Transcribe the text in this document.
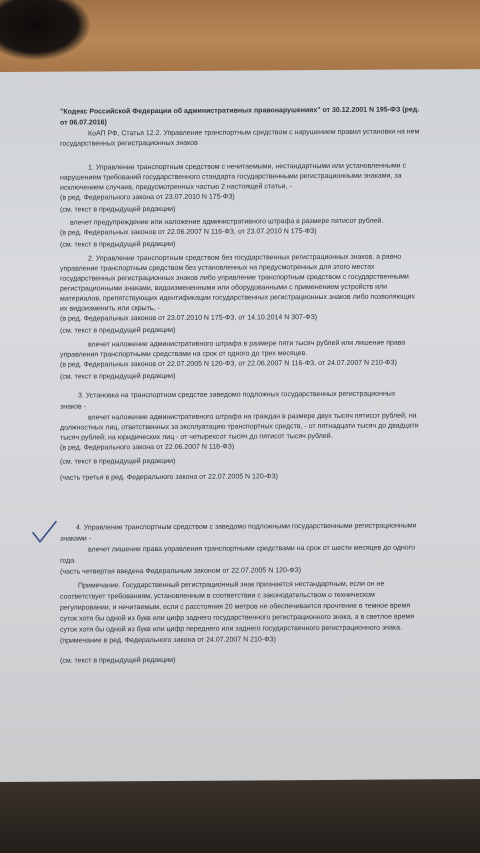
"Кодекс Российской Федерации об административных правонарушениях" от 30.12.2001 N 195-ФЗ (ред.
от 06.07.2016)
КоАП РФ, Статья 12.2. Управление транспортным средством с нарушением правил установки на нем
государственных регистрационных знаков
1. Управление транспортным средством с нечитаемыми, нестандартными или установленными с
нарушением требований государственного стандарта государственными регистрационными знаками, за
исключением случаев, предусмотренных частью 2 настоящей статьи, -
(в ред. Федерального закона от 23.07.2010 N 175-ФЗ)
(см. текст в предыдущей редакции)
влечет предупреждение или наложение административного штрафа в размере пятисот рублей.
(в ред. Федеральных законов от 22.06.2007 N 116-ФЗ, от 23.07.2010 N 175-ФЗ)
(см. текст в предыдущей редакции)
2. Управление транспортным средством без государственных регистрационных знаков, а равно
управление транспортным средством без установленных на предусмотренных для этого местах
государственных регистрационных знаков либо управление транспортным средством с государственными
регистрационными знаками, видоизмененными или оборудованными с применением устройств или
материалов, препятствующих идентификации государственных регистрационных знаков либо позволяющих
их видоизменить или скрыть, -
(в ред. Федеральных законов от 23.07.2010 N 175-ФЗ, от 14.10.2014 N 307-ФЗ)
(см. текст в предыдущей редакции)
влечет наложение административного штрафа в размере пяти тысяч рублей или лишение права
управления транспортными средствами на срок от одного до трех месяцев.
(в ред. Федеральных законов от 22.07.2005 N 120-ФЗ, от 22.06.2007 N 116-ФЗ, от 24.07.2007 N 210-ФЗ)
(см. текст в предыдущей редакции)
3. Установка на транспортном средстве заведомо подложных государственных регистрационных
знаков -
влечет наложение административного штрафа на граждан в размере двух тысяч пятисот рублей; на
должностных лиц, ответственных за эксплуатацию транспортных средств, - от пятнадцати тысяч до двадцати
тысяч рублей; на юридических лиц - от четырехсот тысяч до пятисот тысяч рублей.
(в ред. Федерального закона от 22.06.2007 N 116-ФЗ)
(см. текст в предыдущей редакции)
(часть третья в ред. Федерального закона от 22.07.2005 N 120-ФЗ)
4. Управление транспортным средством с заведомо подложными государственными регистрационными
знаками -
влечет лишение права управления транспортными средствами на срок от шести месяцев до одного
года.
(часть четвертая введена Федеральным законом от 22.07.2005 N 120-ФЗ)
Примечание. Государственный регистрационный знак признается нестандартным, если он не
соответствует требованиям, установленным в соответствии с законодательством о техническом
регулировании, и нечитаемым, если с расстояния 20 метров не обеспечивается прочтение в темное время
суток хотя бы одной из букв или цифр заднего государственного регистрационного знака, а в светлое время
суток хотя бы одной из букв или цифр переднего или заднего государственного регистрационного знака.
(примечание в ред. Федерального закона от 24.07.2007 N 210-ФЗ)
(см. текст в предыдущей редакции)
